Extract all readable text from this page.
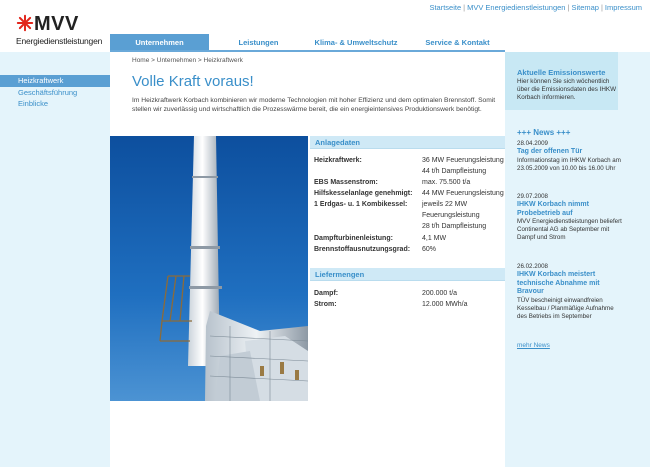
MVV
Energiedienstleistungen
Startseite | MVV Energiedienstleistungen | Sitemap | Impressum
Unternehmen	Leistungen	Klima- & Umweltschutz	Service & Kontakt
Heizkraftwerk
Geschäftsführung
Einblicke
Home > Unternehmen > Heizkraftwerk
Volle Kraft voraus!
Im Heizkraftwerk Korbach kombinieren wir moderne Technologien mit hoher Effizienz und dem optimalen Brennstoff. Somit stellen wir zuverlässig und wirtschaftlich die Prozesswärme bereit, die ein energieintensives Produktionswerk benötigt.
Anlagedaten
Heizkraftwerk:	36 MW Feuerungsleistung
44 t/h Dampfleistung
EBS Massenstrom:	max. 75.500 t/a
Hilfskesselanlage genehmigt:	44 MW Feuerungsleistung
1 Erdgas- u. 1 Kombikessel:	jeweils 22 MW
Feuerungsleistung
28 t/h Dampfleistung
Dampfturbinenleistung:	4,1 MW
Brennstoffausnutzungsgrad:	60%
Liefermengen
Dampf:	200.000 t/a
Strom:	12.000 MWh/a
Aktuelle Emissionswerte
Hier können Sie sich wöchentlich über die Emissionsdaten des IHKW Korbach informieren.
+++ News +++
28.04.2009
Tag der offenen Tür
Informationstag im IHKW Korbach am 23.05.2009 von 10.00 bis 16.00 Uhr
29.07.2008
IHKW Korbach nimmt Probebetrieb auf
MVV Energiedienstleistungen beliefert Continental AG ab September mit Dampf und Strom
26.02.2008
IHKW Korbach meistert technische Abnahme mit Bravour
TÜV bescheinigt einwandfreien Kesselbau / Planmäßige Aufnahme des Betriebs im September
mehr News
